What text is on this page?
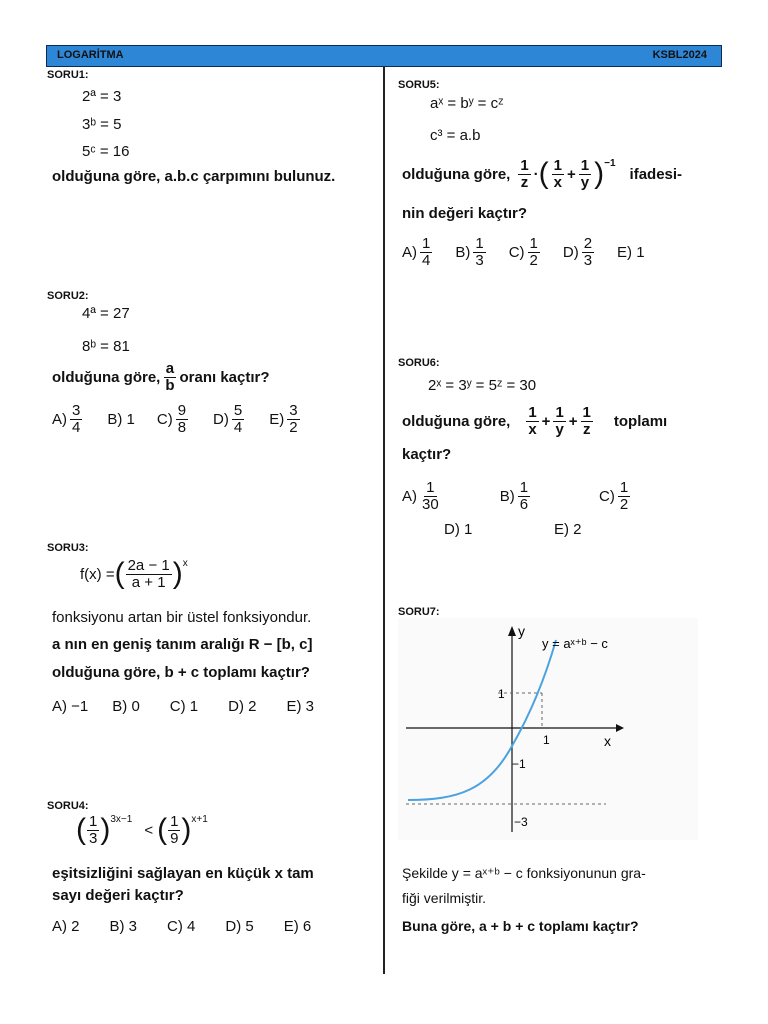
LOGARİTMA	KSBL2024
SORU1:
2ª = 3
3ᵇ = 5
5ᶜ = 16
olduğuna göre, a.b.c çarpımını bulunuz.
SORU2:
4ª = 27
8ᵇ = 81
olduğuna göre, $\frac{a}{b}$ oranı kaçtır?
$A) \frac{3}{4} B$) 1 $C) \frac{9}{8} D) \frac{5}{4} E) \frac{3}{2}$
SORU3:
f(x) = ( $\frac{2a - 1}{a + 1} )^x$
fonksiyonu artan bir üstel fonksiyondur.
a nın en geniş tanım aralığı R − [b, c]
olduğuna göre, b + c toplamı kaçtır?
A) −1 B) 0 C) 1 D) 2 E) 3
SORU4:
( $\frac{1}{3} )^{3x-1}$
< ( $\frac{1}{9} )^{x+1}$
eşitsizliğini sağlayan en küçük x tam
sayı değeri kaçtır?
A) 2 B) 3 C) 4 D) 5 E) 6
SORU5:
aˣ = bʸ = cᶻ
c³ = a.b
olduğuna göre, $\frac{1}{z}$ · ( $\frac{1}{x} + \frac{1}{y} )^{-1}$
ifadesi-
nin değeri kaçtır?
$A) \frac{1}{4} B) \frac{1}{3} C) \frac{1}{2} D) \frac{2}{3} E$) 1
SORU6:
2ˣ = 3ʸ = 5ᶻ = 30
olduğuna göre, $\frac{1}{x} + \frac{1}{y} + \frac{1}{z}$ toplamı
kaçtır?
$A) \frac{1}{30}$	$B) \frac{1}{6}$	$C) \frac{1}{2}$
D) 1	E) 2
SORU7:
y
x
y = aˣ⁺ᵇ − c
1
1
−1
−3
Şekilde y = aˣ⁺ᵇ − c fonksiyonunun gra-
fiği verilmiştir.
Buna göre, a + b + c toplamı kaçtır?
